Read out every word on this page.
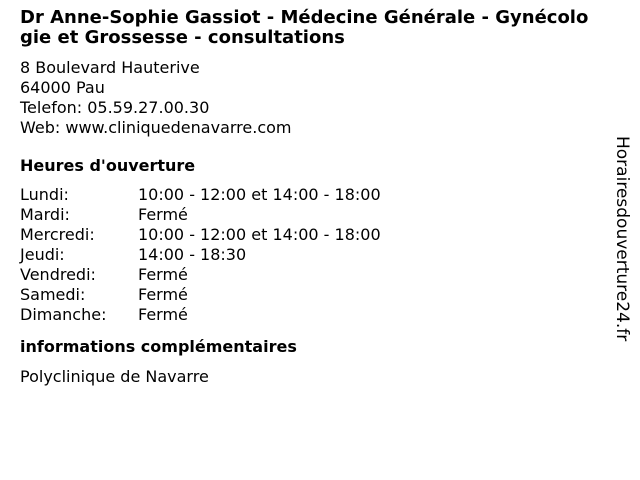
Dr Anne-Sophie Gassiot - Médecine Générale - Gynécologie et Grossesse - consultations
8 Boulevard Hauterive
64000 Pau
Telefon: 05.59.27.00.30
Web: www.cliniquedenavarre.com
Heures d'ouverture
Lundi:	10:00 - 12:00 et 14:00 - 18:00
Mardi:	Fermé
Mercredi:	10:00 - 12:00 et 14:00 - 18:00
Jeudi:	14:00 - 18:30
Vendredi:	Fermé
Samedi:	Fermé
Dimanche:	Fermé
informations complémentaires
Polyclinique de Navarre
Horairesdouverture24.fr
